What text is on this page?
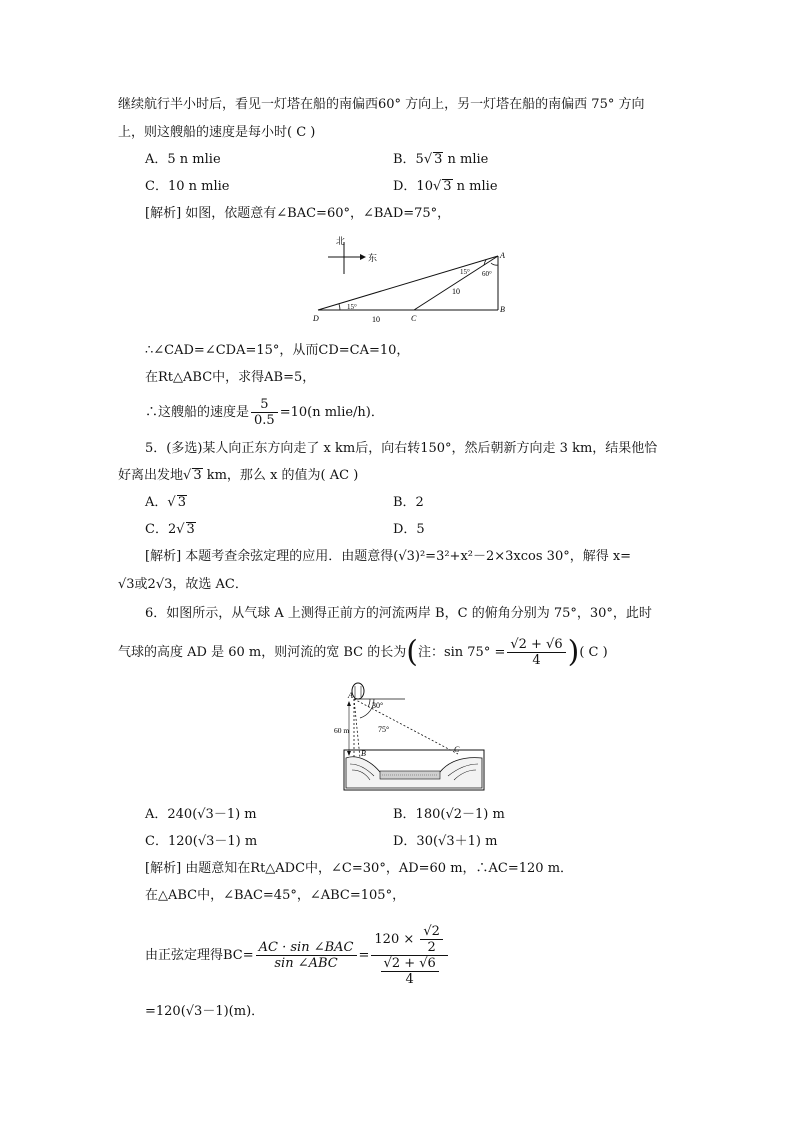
继续航行半小时后，看见一灯塔在船的南偏西60° 方向上，另一灯塔在船的南偏西 75° 方向
上，则这艘船的速度是每小时( C )
A．5 n mlie	B．5√ 3 n mlie
C．10 n mlie	D．10√ 3 n mlie
[解析] 如图，依题意有∠BAC=60°，∠BAD=75°，
北
东	A
B
C
D
15° 60°
15°
10
10
∴∠CAD=∠CDA=15°，从而CD=CA=10，
在Rt△ABC中，求得AB=5，
∴这艘船的速度是 $\frac{5}{0.5} =10(n$ mlie/h)．
5．(多选)某人向正东方向走了 x km后，向右转150°，然后朝新方向走 3 km，结果他恰
好离出发地√ 3 km，那么 x 的值为( AC )
A．√ 3	B．2
C．2√ 3	D．5
[解析] 本题考查余弦定理的应用．由题意得(√3)²=3²+x²－2×3xcos 30°，解得 x=
√3或2√3，故选 AC．
6．如图所示，从气球 A 上测得正前方的河流两岸 B，C 的俯角分别为 75°，30°，此时
气球的高度 AD 是 60 m，则河流的宽 BC 的长为(注：$\sin 75^\circ = \frac{√2 + √6}{4}$ )( C )
A
30°
75°
60 m
B	C
A．240(√3－1) m	B．180(√2－1) m
C．120(√3－1) m	D．30(√3＋1) m
[解析] 由题意知在Rt△ADC中，∠C=30°，AD=60 m，∴AC=120 m．
在△ABC中，∠BAC=45°，∠ABC=105°，
由正弦定理得$BC= \frac{\text{AC · sin ∠BAC}}{\text{sin ∠ABC}} = \frac{120 \times \frac{√2}{2}}{\frac{√2 + √6}{4}}$
=120(√3－1)(m)．
